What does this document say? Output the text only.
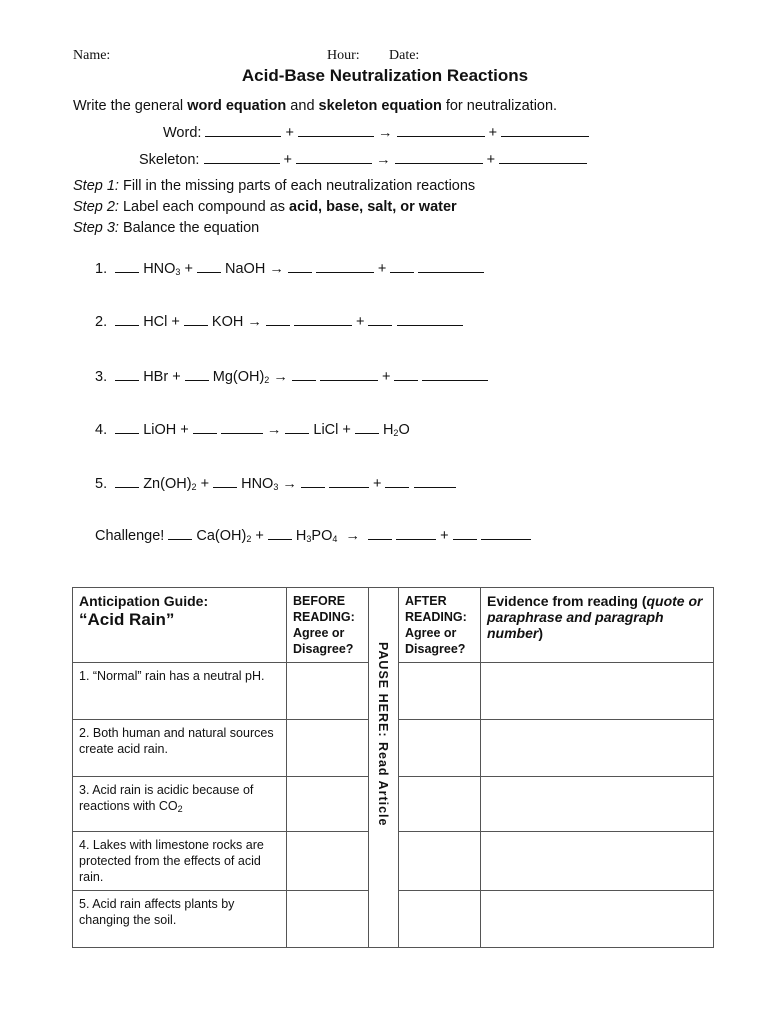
Name:	Hour: Date:
Acid-Base Neutralization Reactions
Write the general word equation and skeleton equation for neutralization.
Word:	+	→	+
Skeleton:	+	→	+
Step 1: Fill in the missing parts of each neutralization reactions
Step 2: Label each compound as acid, base, salt, or water
Step 3: Balance the equation
1. $HNO_3$ + NaOH →	+
2. HCl + KOH →	+
3. HBr + $Mg(OH)_2$ →	+
4. LiOH +	→ LiCl + $H_2O$
5. $Zn(OH)_2 + HNO_3$ →	+
Challenge! $Ca(OH)_2 + H_3PO_4$ →	+
Anticipation Guide:
“Acid Rain”	BEFORE READING: Agree or Disagree?	PAUSE HERE: Read Article	AFTER READING: Agree or Disagree?	Evidence from reading (quote or paraphrase and paragraph number)
1. “Normal” rain has a neutral pH.				
2. Both human and natural sources create acid rain.				
3. Acid rain is acidic because of reactions with $CO_2$			
4. Lakes with limestone rocks are protected from the effects of acid rain.				
5. Acid rain affects plants by changing the soil.				
